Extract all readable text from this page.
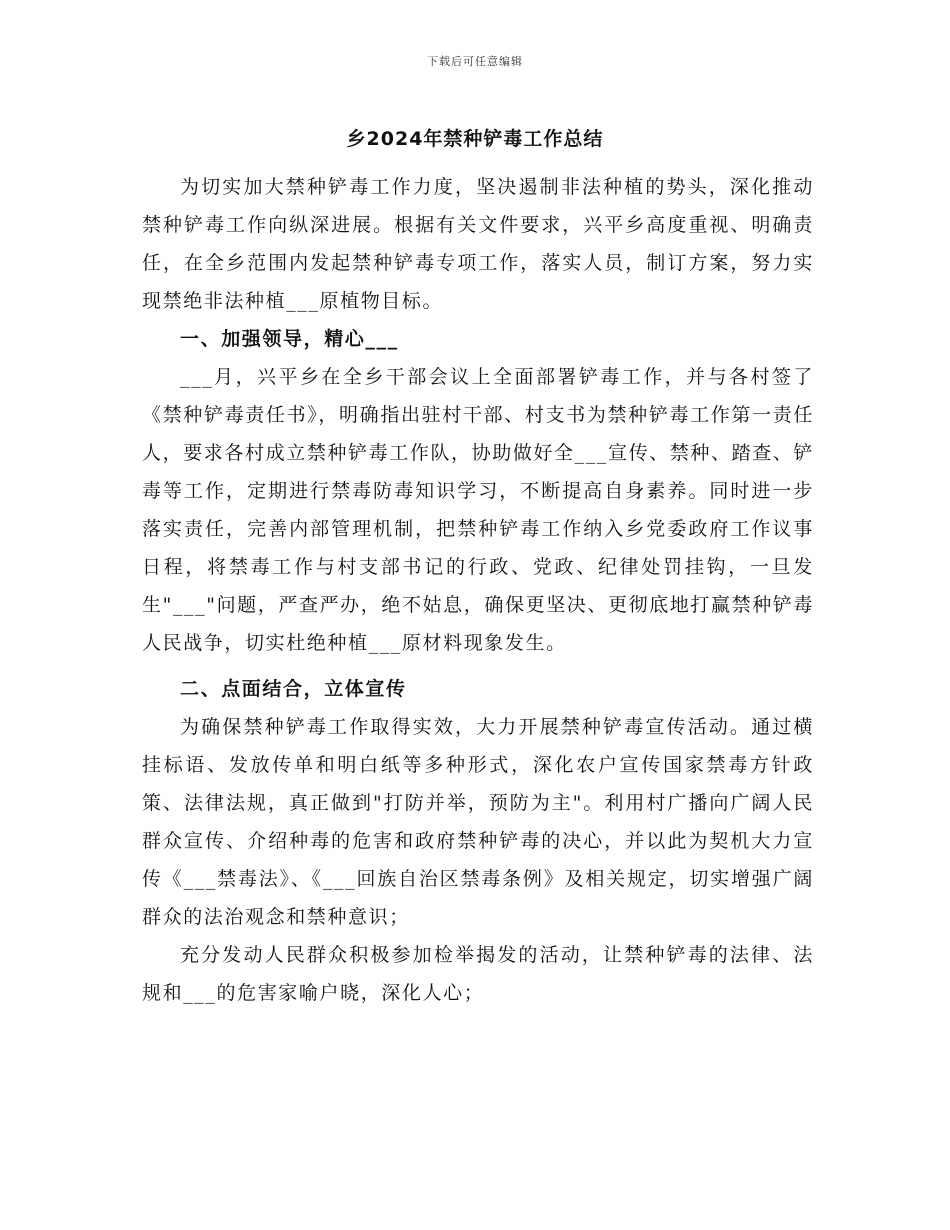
下载后可任意编辑
乡2024年禁种铲毒工作总结

为切实加大禁种铲毒工作力度，坚决遏制非法种植的势头，深化推动禁种铲毒工作向纵深进展。根据有关文件要求，兴平乡高度重视、明确责任，在全乡范围内发起禁种铲毒专项工作，落实人员，制订方案，努力实现禁绝非法种植___原植物目标。

一、加强领导，精心___

___月，兴平乡在全乡干部会议上全面部署铲毒工作，并与各村签了《禁种铲毒责任书》，明确指出驻村干部、村支书为禁种铲毒工作第一责任人，要求各村成立禁种铲毒工作队，协助做好全___宣传、禁种、踏查、铲毒等工作，定期进行禁毒防毒知识学习，不断提高自身素养。同时进一步落实责任，完善内部管理机制，把禁种铲毒工作纳入乡党委政府工作议事日程，将禁毒工作与村支部书记的行政、党政、纪律处罚挂钩，一旦发生"___"问题，严查严办，绝不姑息，确保更坚决、更彻底地打赢禁种铲毒人民战争，切实杜绝种植___原材料现象发生。

二、点面结合，立体宣传

为确保禁种铲毒工作取得实效，大力开展禁种铲毒宣传活动。通过横挂标语、发放传单和明白纸等多种形式，深化农户宣传国家禁毒方针政策、法律法规，真正做到"打防并举，预防为主"。利用村广播向广阔人民群众宣传、介绍种毒的危害和政府禁种铲毒的决心，并以此为契机大力宣传《___禁毒法》、《___回族自治区禁毒条例》及相关规定，切实增强广阔群众的法治观念和禁种意识；

充分发动人民群众积极参加检举揭发的活动，让禁种铲毒的法律、法规和___的危害家喻户晓，深化人心；
